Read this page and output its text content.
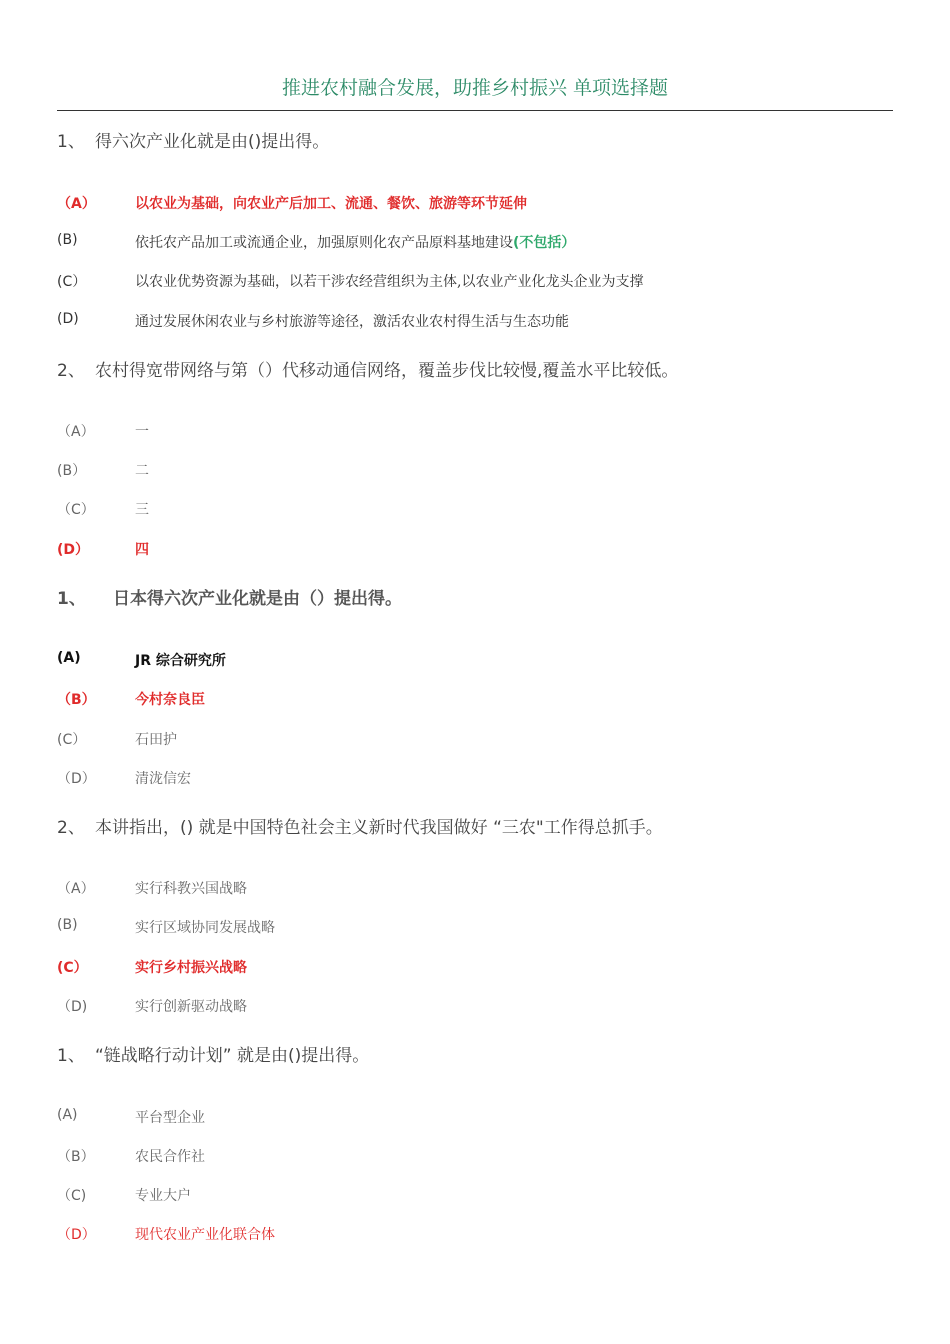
推进农村融合发展，助推乡村振兴 单项选择题
1、 得六次产业化就是由()提出得。
（A）	以农业为基础，向农业产后加工、流通、餐饮、旅游等环节延伸
(B)	依托农产品加工或流通企业，加强原则化农产品原料基地建设(不包括）
(C）	以农业优势资源为基础，以若干涉农经营组织为主体,以农业产业化龙头企业为支撑
(D)	通过发展休闲农业与乡村旅游等途径，激活农业农村得生活与生态功能
2、 农村得宽带网络与第（）代移动通信网络，覆盖步伐比较慢,覆盖水平比较低。
（A）	一
(B）	二
（C）	三
(D）	四
1、 日本得六次产业化就是由（）提出得。
(A)	JR 综合研究所
（B）	今村奈良臣
(C）	石田护
（D）	清泷信宏
2、 本讲指出，() 就是中国特色社会主义新时代我国做好 “三农"工作得总抓手。
（A）	实行科教兴国战略
(B)	实行区域协同发展战略
(C）	实行乡村振兴战略
（D)	实行创新驱动战略
1、 “链战略行动计划” 就是由()提出得。
(A)	平台型企业
（B）	农民合作社
（C)	专业大户
（D）	现代农业产业化联合体
